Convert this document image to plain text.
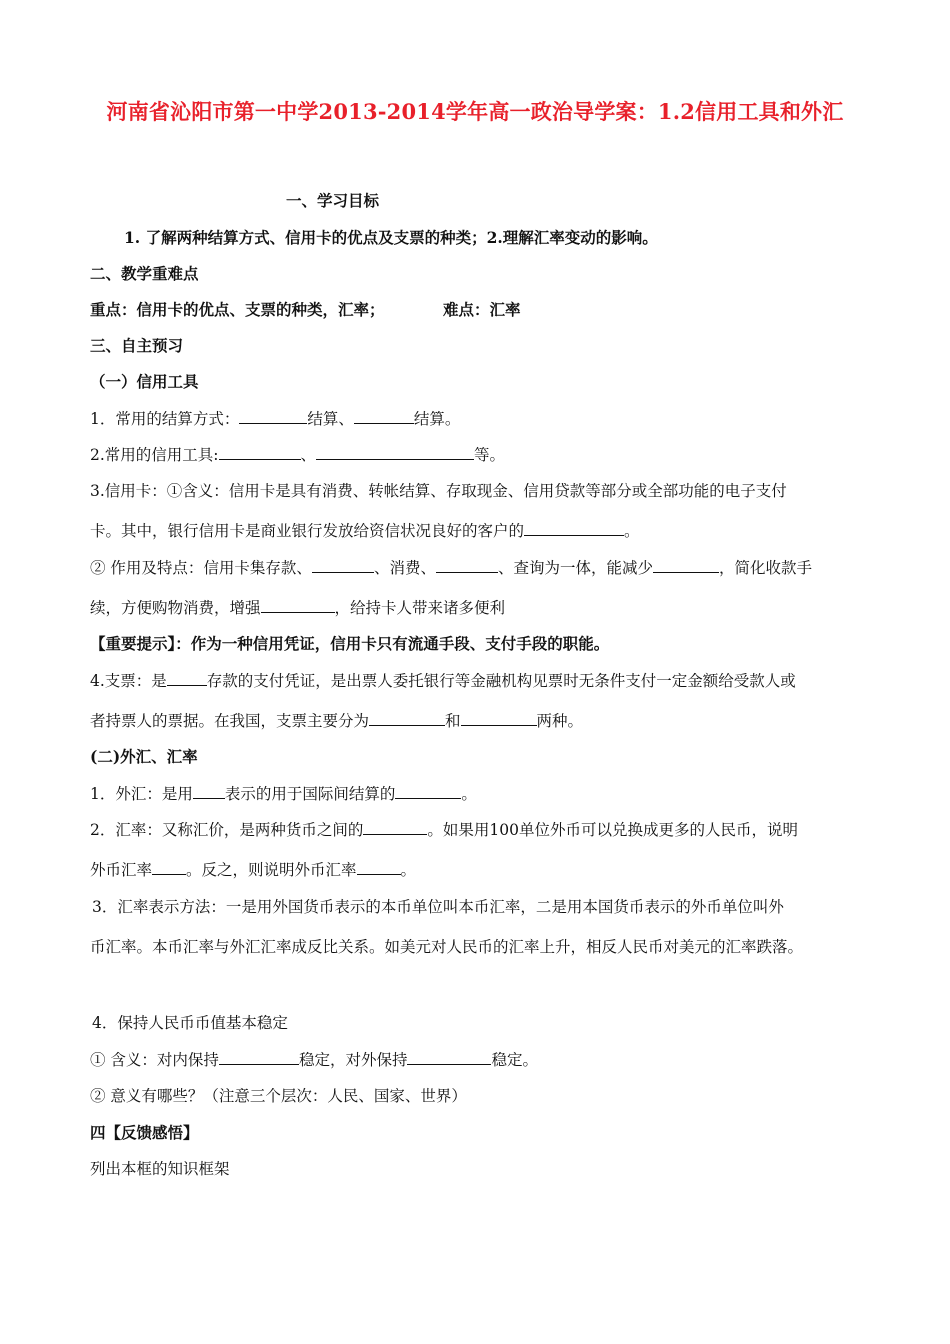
河南省沁阳市第一中学2013-2014学年高一政治导学案：1.2信用工具和外汇
一、学习目标
1. 了解两种结算方式、信用卡的优点及支票的种类；2.理解汇率变动的影响。
二、教学重难点
重点：信用卡的优点、支票的种类，汇率；	难点：汇率
三、自主预习
（一）信用工具
1．常用的结算方式：	结算、	结算。
2.常用的信用工具:	、	等。
3.信用卡：①含义：信用卡是具有消费、转帐结算、存取现金、信用贷款等部分或全部功能的电子支付
卡。其中，银行信用卡是商业银行发放给资信状况良好的客户的	。
② 作用及特点：信用卡集存款、	、消费、	、查询为一体，能减少	，简化收款手
续，方便购物消费，增强	，给持卡人带来诸多便利
【重要提示】：作为一种信用凭证，信用卡只有流通手段、支付手段的职能。
4.支票：是	存款的支付凭证，是出票人委托银行等金融机构见票时无条件支付一定金额给受款人或
者持票人的票据。在我国，支票主要分为	和	两种。
(二)外汇、汇率
1．外汇：是用 表示的用于国际间结算的	。
2．汇率：又称汇价，是两种货币之间的	。如果用100单位外币可以兑换成更多的人民币，说明
外币汇率 。反之，则说明外币汇率	。
3．汇率表示方法：一是用外国货币表示的本币单位叫本币汇率，二是用本国货币表示的外币单位叫外
币汇率。本币汇率与外汇汇率成反比关系。如美元对人民币的汇率上升，相反人民币对美元的汇率跌落。
4．保持人民币币值基本稳定
① 含义：对内保持	稳定，对外保持	稳定。
② 意义有哪些？（注意三个层次：人民、国家、世界）
四【反馈感悟】
列出本框的知识框架
